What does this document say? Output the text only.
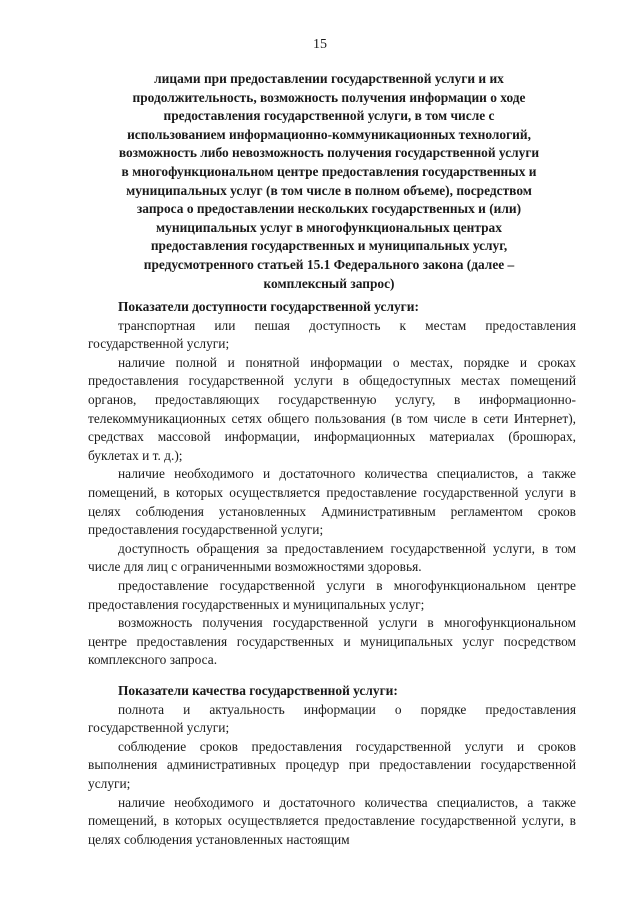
15
лицами при предоставлении государственной услуги и их
продолжительность, возможность получения информации о ходе
предоставления государственной услуги, в том числе с
использованием информационно-коммуникационных технологий,
возможность либо невозможность получения государственной услуги
в многофункциональном центре предоставления государственных и
муниципальных услуг (в том числе в полном объеме), посредством
запроса о предоставлении нескольких государственных и (или)
муниципальных услуг в многофункциональных центрах
предоставления государственных и муниципальных услуг,
предусмотренного статьей 15.1 Федерального закона (далее –
комплексный запрос)
Показатели доступности государственной услуги:
транспортная или пешая доступность к местам предоставления государственной услуги;
наличие полной и понятной информации о местах, порядке и сроках предоставления государственной услуги в общедоступных местах помещений органов, предоставляющих государственную услугу, в информационно-телекоммуникационных сетях общего пользования (в том числе в сети Интернет), средствах массовой информации, информационных материалах (брошюрах, буклетах и т. д.);
наличие необходимого и достаточного количества специалистов, а также помещений, в которых осуществляется предоставление государственной услуги в целях соблюдения установленных Административным регламентом сроков предоставления государственной услуги;
доступность обращения за предоставлением государственной услуги, в том числе для лиц с ограниченными возможностями здоровья.
предоставление государственной услуги в многофункциональном центре предоставления государственных и муниципальных услуг;
возможность получения государственной услуги в многофункциональном центре предоставления государственных и муниципальных услуг посредством комплексного запроса.
Показатели качества государственной услуги:
полнота и актуальность информации о порядке предоставления государственной услуги;
соблюдение сроков предоставления государственной услуги и сроков выполнения административных процедур при предоставлении государственной услуги;
наличие необходимого и достаточного количества специалистов, а также помещений, в которых осуществляется предоставление государственной услуги, в целях соблюдения установленных настоящим
